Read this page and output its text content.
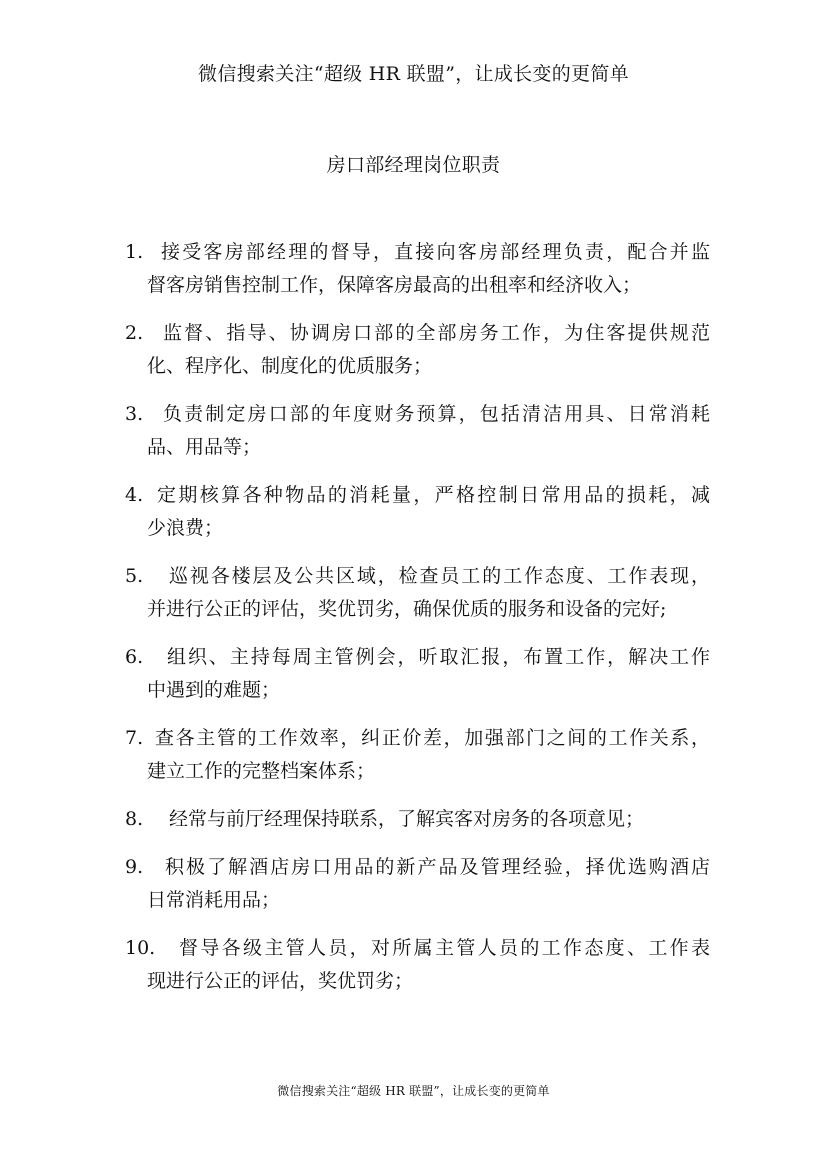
微信搜索关注“超级 HR 联盟”，让成长变的更简单
房口部经理岗位职责
1. 接受客房部经理的督导，直接向客房部经理负责，配合并监
督客房销售控制工作，保障客房最高的出租率和经济收入；
2.	监督、指导、协调房口部的全部房务工作，为住客提供规范
化、程序化、制度化的优质服务；
3.	负责制定房口部的年度财务预算，包括清洁用具、日常消耗
品、用品等；
4. 定期核算各种物品的消耗量，严格控制日常用品的损耗，减
少浪费；
5.	巡视各楼层及公共区域，检查员工的工作态度、工作表现，
并进行公正的评估，奖优罚劣，确保优质的服务和设备的完好;
6.	组织、主持每周主管例会，听取汇报，布置工作，解决工作
中遇到的难题；
7. 查各主管的工作效率，纠正价差，加强部门之间的工作关系，
建立工作的完整档案体系；
8.	经常与前厅经理保持联系，了解宾客对房务的各项意见；
9.	积极了解酒店房口用品的新产品及管理经验，择优选购酒店
日常消耗用品；
10.	督导各级主管人员，对所属主管人员的工作态度、工作表
现进行公正的评估，奖优罚劣；
微信搜索关注“超级 HR 联盟”，让成长变的更简单
